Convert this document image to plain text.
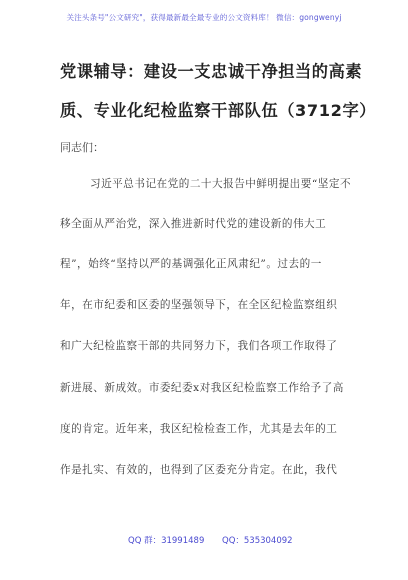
关注头条号"公文研究"，获得最新最全最专业的公文资料库！ 微信：gongwenyj
党课辅导：建设一支忠诚干净担当的高素
质、专业化纪检监察干部队伍（3712字）
同志们：
习近平总书记在党的二十大报告中鲜明提出要“坚定不
移全面从严治党，深入推进新时代党的建设新的伟大工
程”，始终“坚持以严的基调强化正风肃纪”。过去的一
年，在市纪委和区委的坚强领导下，在全区纪检监察组织
和广大纪检监察干部的共同努力下，我们各项工作取得了
新进展、新成效。市委纪委x对我区纪检监察工作给予了高
度的肯定。近年来，我区纪检检查工作，尤其是去年的工
作是扎实、有效的，也得到了区委充分肯定。在此，我代
QQ 群：31991489 QQ：535304092
